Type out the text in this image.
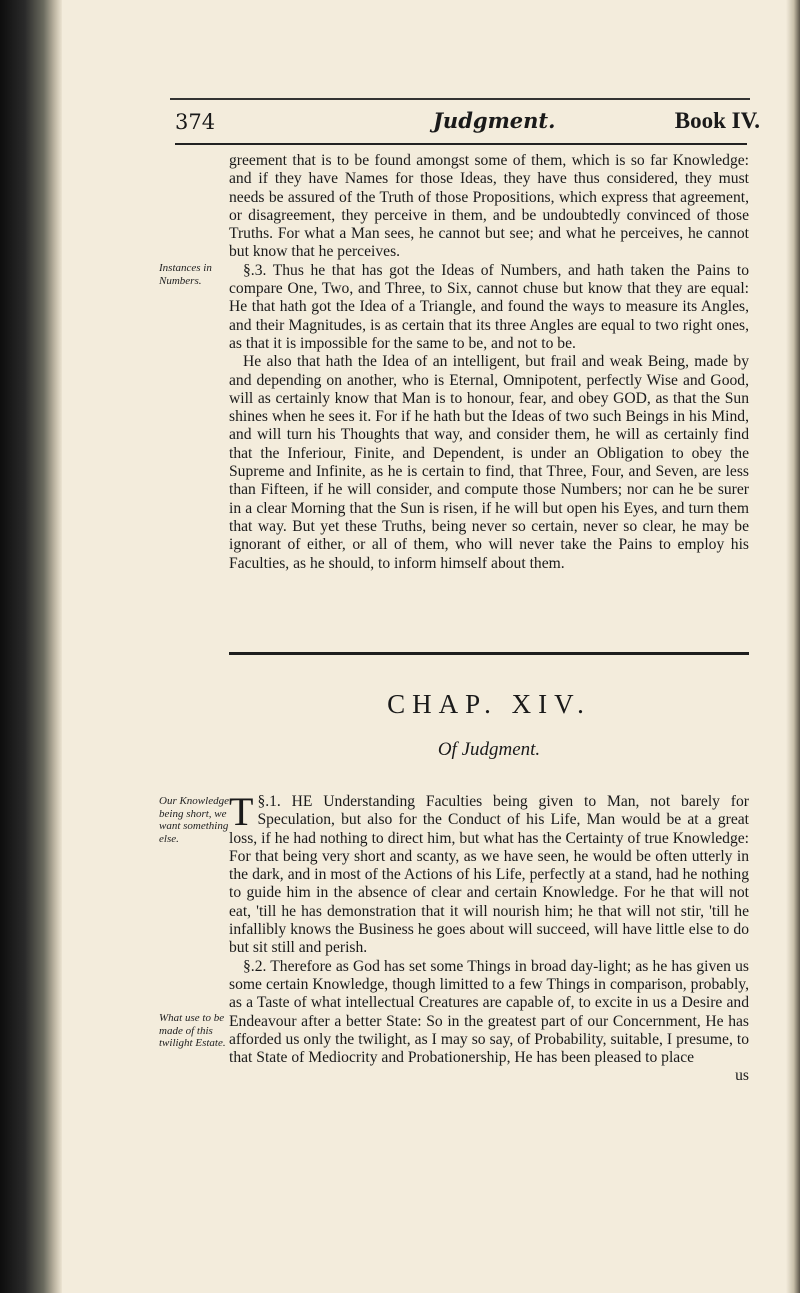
374	Judgment.	Book IV.

greement that is to be found amongst some of them, which is so far Knowledge: and if they have Names for those Ideas, they have thus considered, they must needs be assured of the Truth of those Propositions, which express that agreement, or disagreement, they perceive in them, and be undoubtedly convinced of those Truths. For what a Man sees, he cannot but see; and what he perceives, he cannot but know that he perceives.

§.3. Thus he that has got the Ideas of Numbers, and hath taken the Pains to compare One, Two, and Three, to Six, cannot chuse but know that they are equal: He that hath got the Idea of a Triangle, and found the ways to measure its Angles, and their Magnitudes, is as certain that its three Angles are equal to two right ones, as that it is impossible for the same to be, and not to be.

He also that hath the Idea of an intelligent, but frail and weak Being, made by and depending on another, who is Eternal, Omnipotent, perfectly Wise and Good, will as certainly know that Man is to honour, fear, and obey GOD, as that the Sun shines when he sees it. For if he hath but the Ideas of two such Beings in his Mind, and will turn his Thoughts that way, and consider them, he will as certainly find that the Inferiour, Finite, and Dependent, is under an Obligation to obey the Supreme and Infinite, as he is certain to find, that Three, Four, and Seven, are less than Fifteen, if he will consider, and compute those Numbers; nor can he be surer in a clear Morning that the Sun is risen, if he will but open his Eyes, and turn them that way. But yet these Truths, being never so certain, never so clear, he may be ignorant of either, or all of them, who will never take the Pains to employ his Faculties, as he should, to inform himself about them.

Instances in Numbers.
CHAP. XIV.
Of Judgment.
Our Knowledge being short, we want something else.
What use to be made of this twilight Estate.

T §.1. HE Understanding Faculties being given to Man, not barely for Speculation, but also for the Conduct of his Life, Man would be at a great loss, if he had nothing to direct him, but what has the Certainty of true Knowledge: For that being very short and scanty, as we have seen, he would be often utterly in the dark, and in most of the Actions of his Life, perfectly at a stand, had he nothing to guide him in the absence of clear and certain Knowledge. For he that will not eat, 'till he has demonstration that it will nourish him; he that will not stir, 'till he infallibly knows the Business he goes about will succeed, will have little else to do but sit still and perish.

§.2. Therefore as God has set some Things in broad day-light; as he has given us some certain Knowledge, though limitted to a few Things in comparison, probably, as a Taste of what intellectual Creatures are capable of, to excite in us a Desire and Endeavour after a better State: So in the greatest part of our Concernment, He has afforded us only the twilight, as I may so say, of Probability, suitable, I presume, to that State of Mediocrity and Probationership, He has been pleased to place

us
